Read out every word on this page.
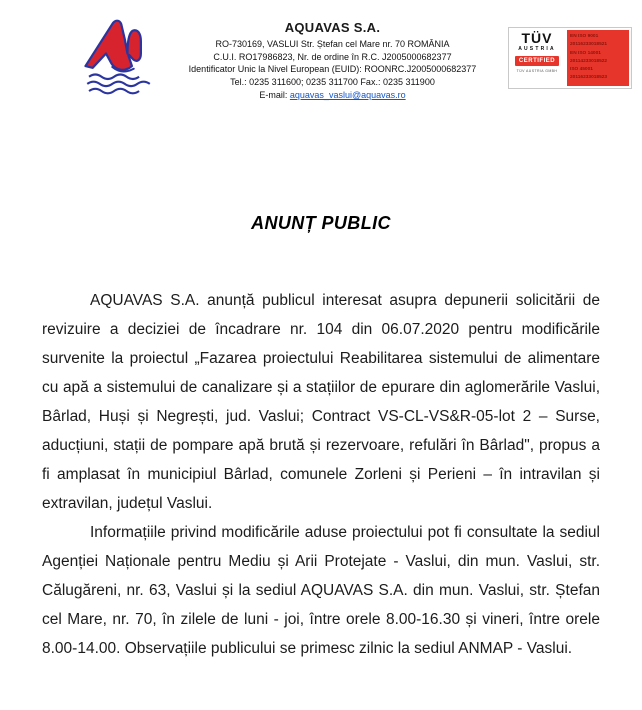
AQUAVAS S.A.
RO-730169, VASLUI Str. Ștefan cel Mare nr. 70 ROMÂNIA
C.U.I. RO17986823, Nr. de ordine în R.C. J2005000682377
Identificator Unic la Nivel European (EUID): ROONRC.J2005000682377
Tel.: 0235 311600; 0235 311700 Fax.: 0235 311900
E-mail: aquavas_vaslui@aquavas.ro
TÜV
AUSTRIA
CERTIFIED
TÜV AUSTRIA GMBH
EN ISO 9001
20116233018521
EN ISO 14001
20114233018522
ISO 45001
20116233018523
ANUNȚ PUBLIC

AQUAVAS S.A. anunță publicul interesat asupra depunerii solicitării de revizuire a deciziei de încadrare nr. 104 din 06.07.2020 pentru modificările survenite la proiectul „Fazarea proiectului Reabilitarea sistemului de alimentare cu apă a sistemului de canalizare și a stațiilor de epurare din aglomerările Vaslui, Bârlad, Huși și Negrești, jud. Vaslui; Contract VS-CL-VS&R-05-lot 2 – Surse, aducțiuni, stații de pompare apă brută și rezervoare, refulări în Bârlad", propus a fi amplasat în municipiul Bârlad, comunele Zorleni și Perieni – în intravilan și extravilan, județul Vaslui.

Informațiile privind modificările aduse proiectului pot fi consultate la sediul Agenției Naționale pentru Mediu și Arii Protejate - Vaslui, din mun. Vaslui, str. Călugăreni, nr. 63, Vaslui și la sediul AQUAVAS S.A. din mun. Vaslui, str. Ștefan cel Mare, nr. 70, în zilele de luni - joi, între orele 8.00-16.30 și vineri, între orele 8.00-14.00. Observațiile publicului se primesc zilnic la sediul ANMAP - Vaslui.
